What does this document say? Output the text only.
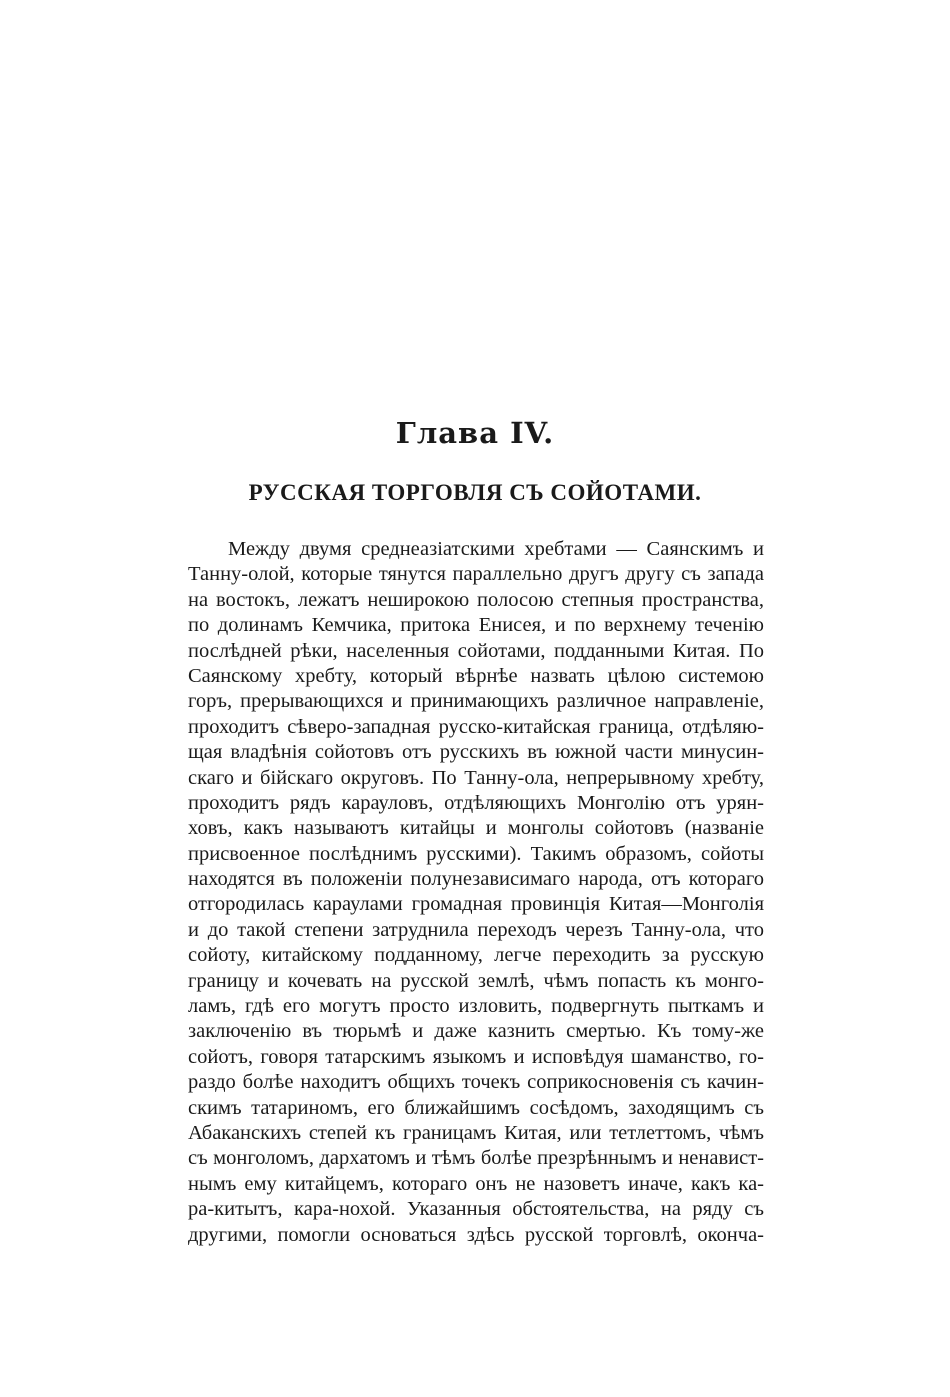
Глава IV.
РУССКАЯ ТОРГОВЛЯ СЪ СОЙОТАМИ.
Между двумя среднеазіатскими хребтами — Саянскимъ и
Танну-олой, которые тянутся параллельно другъ другу съ запада
на востокъ, лежатъ неширокою полосою степныя пространства,
по долинамъ Кемчика, притока Енисея, и по верхнему теченію
послѣдней рѣки, населенныя сойотами, подданными Китая. По
Саянскому хребту, который вѣрнѣе назвать цѣлою системою
горъ, прерывающихся и принимающихъ различное направленіе,
проходитъ сѣверо-западная русско-китайская граница, отдѣляю-
щая владѣнія сойотовъ отъ русскихъ въ южной части минусин-
скаго и бійскаго округовъ. По Танну-ола, непрерывному хребту,
проходитъ рядъ карауловъ, отдѣляющихъ Монголію отъ урян-
ховъ, какъ называютъ китайцы и монголы сойотовъ (названіе
присвоенное послѣднимъ русскими). Такимъ образомъ, сойоты
находятся въ положеніи полунезависимаго народа, отъ котораго
отгородилась караулами громадная провинція Китая—Монголія
и до такой степени затруднила переходъ черезъ Танну-ола, что
сойоту, китайскому подданному, легче переходить за русскую
границу и кочевать на русской землѣ, чѣмъ попасть къ монго-
ламъ, гдѣ его могутъ просто изловить, подвергнуть пыткамъ и
заключенію въ тюрьмѣ и даже казнить смертью. Къ тому-же
сойотъ, говоря татарскимъ языкомъ и исповѣдуя шаманство, го-
раздо болѣе находитъ общихъ точекъ соприкосновенія съ качин-
скимъ татариномъ, его ближайшимъ сосѣдомъ, заходящимъ съ
Абаканскихъ степей къ границамъ Китая, или тетлеттомъ, чѣмъ
съ монголомъ, дархатомъ и тѣмъ болѣе презрѣннымъ и ненавист-
нымъ ему китайцемъ, котораго онъ не назоветъ иначе, какъ ка-
ра-китытъ, кара-нохой. Указанныя обстоятельства, на ряду съ
другими, помогли основаться здѣсь русской торговлѣ, оконча-
